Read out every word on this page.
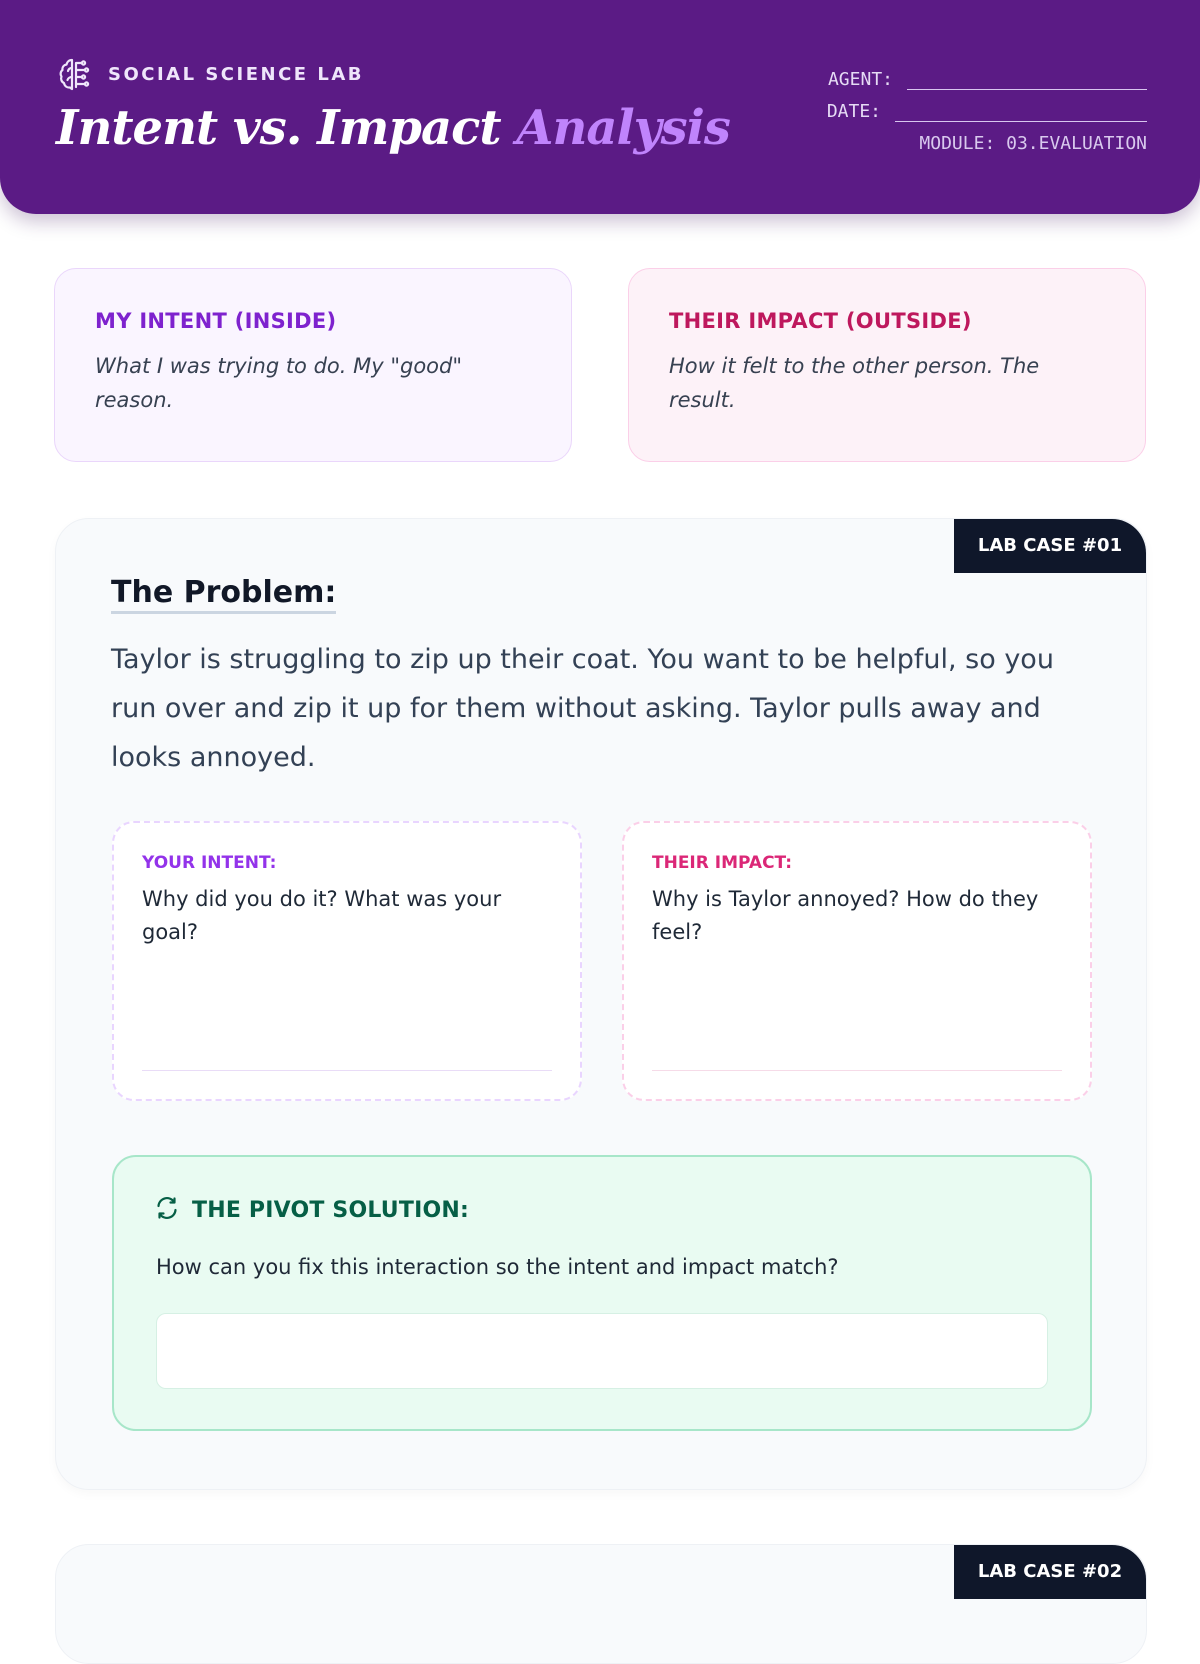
SOCIAL SCIENCE LAB
Intent vs. Impact Analysis
AGENT:
DATE:
MODULE: 03.EVALUATION
MY INTENT (INSIDE)
What I was trying to do. My "good" reason.
THEIR IMPACT (OUTSIDE)
How it felt to the other person. The result.
LAB CASE #01
The Problem:
Taylor is struggling to zip up their coat. You want to be helpful, so you run over and zip it up for them without asking. Taylor pulls away and looks annoyed.
YOUR INTENT:
Why did you do it? What was your goal?
THEIR IMPACT:
Why is Taylor annoyed? How do they feel?
THE PIVOT SOLUTION:
How can you fix this interaction so the intent and impact match?
LAB CASE #02
